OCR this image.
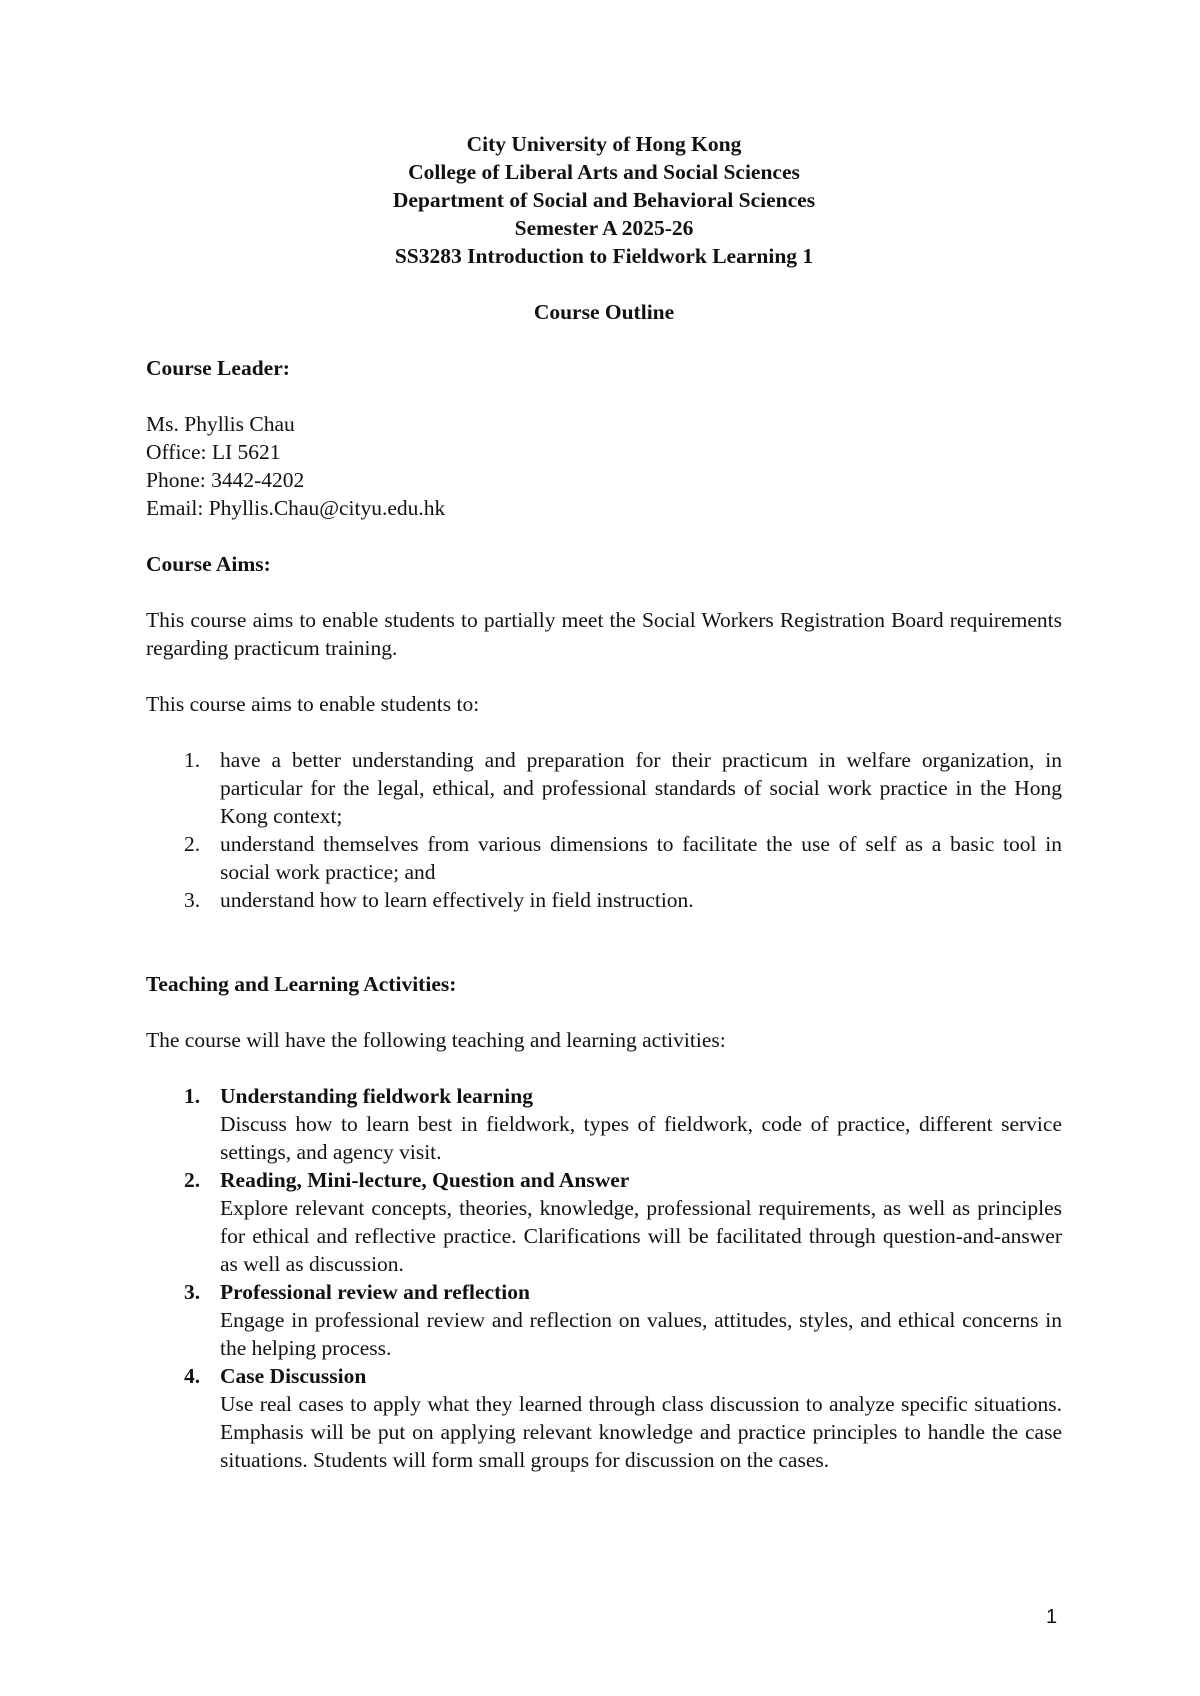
City University of Hong Kong
College of Liberal Arts and Social Sciences
Department of Social and Behavioral Sciences
Semester A 2025-26
SS3283 Introduction to Fieldwork Learning 1
Course Outline
Course Leader:
Ms. Phyllis Chau
Office: LI 5621
Phone: 3442-4202
Email: Phyllis.Chau@cityu.edu.hk
Course Aims:
This course aims to enable students to partially meet the Social Workers Registration Board requirements regarding practicum training.
This course aims to enable students to:
1. have a better understanding and preparation for their practicum in welfare organization, in particular for the legal, ethical, and professional standards of social work practice in the Hong Kong context;
2. understand themselves from various dimensions to facilitate the use of self as a basic tool in social work practice; and
3. understand how to learn effectively in field instruction.
Teaching and Learning Activities:
The course will have the following teaching and learning activities:
1. Understanding fieldwork learning
Discuss how to learn best in fieldwork, types of fieldwork, code of practice, different service settings, and agency visit.
2. Reading, Mini-lecture, Question and Answer
Explore relevant concepts, theories, knowledge, professional requirements, as well as principles for ethical and reflective practice. Clarifications will be facilitated through question-and-answer as well as discussion.
3. Professional review and reflection
Engage in professional review and reflection on values, attitudes, styles, and ethical concerns in the helping process.
4. Case Discussion
Use real cases to apply what they learned through class discussion to analyze specific situations. Emphasis will be put on applying relevant knowledge and practice principles to handle the case situations. Students will form small groups for discussion on the cases.
1
